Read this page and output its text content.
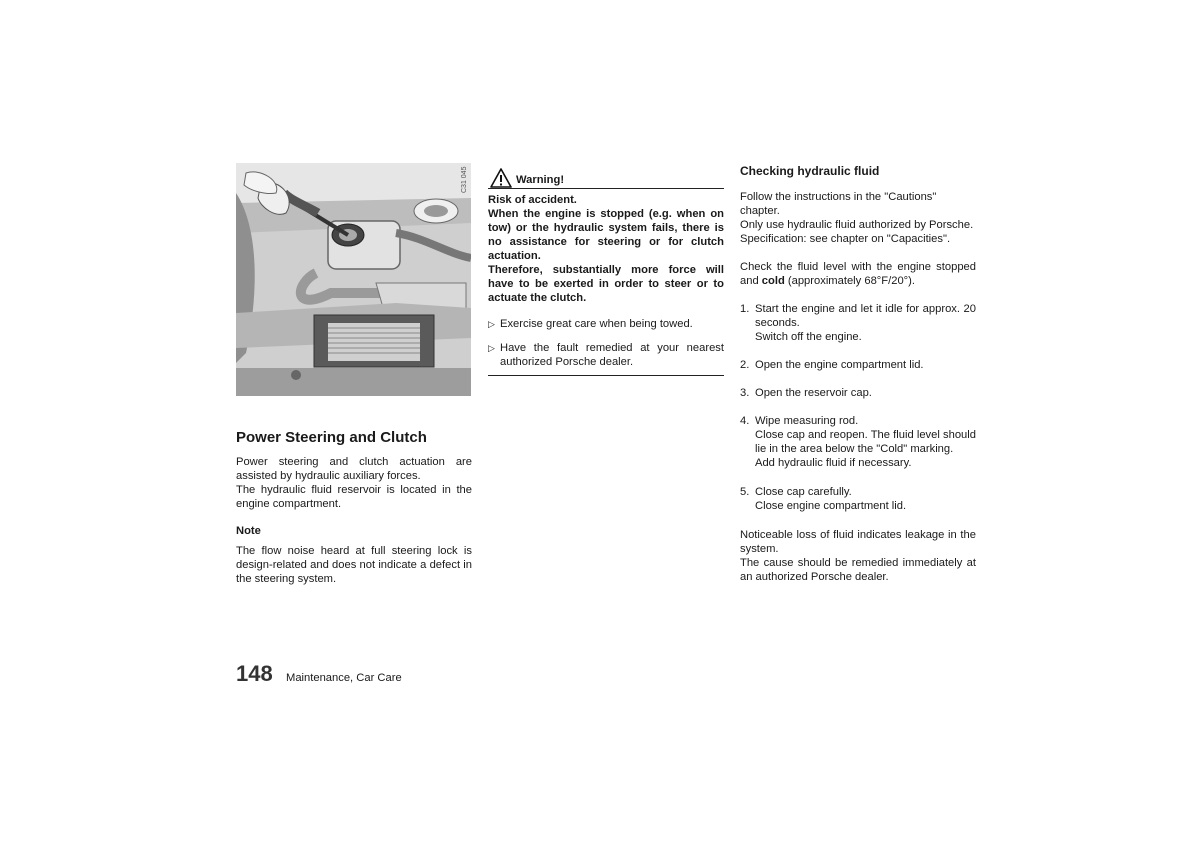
C31 045
Power Steering and Clutch
Power steering and clutch actuation are assisted by hydraulic auxiliary forces.
The hydraulic fluid reservoir is located in the engine compartment.
Note

The flow noise heard at full steering lock is design-related and does not indicate a defect in the steering system.

Warning!
Risk of accident.
When the engine is stopped (e.g. when on tow) or the hydraulic system fails, there is no assistance for steering or for clutch actuation.
Therefore, substantially more force will have to be exerted in order to steer or to actuate the clutch.
▷ Exercise great care when being towed.
▷ Have the fault remedied at your nearest authorized Porsche dealer.
Checking hydraulic fluid

Follow the instructions in the "Cautions" chapter.

Only use hydraulic fluid authorized by Porsche.
Specification: see chapter on "Capacities".

Check the fluid level with the engine stopped and cold (approximately 68°F/20°).

1. Start the engine and let it idle for approx. 20 seconds.
Switch off the engine.
2. Open the engine compartment lid.
3. Open the reservoir cap.
4. Wipe measuring rod.
Close cap and reopen. The fluid level should lie in the area below the "Cold" marking.
Add hydraulic fluid if necessary.
5. Close cap carefully.
Close engine compartment lid.
Noticeable loss of fluid indicates leakage in the system.
The cause should be remedied immediately at an authorized Porsche dealer.
148 Maintenance, Car Care
